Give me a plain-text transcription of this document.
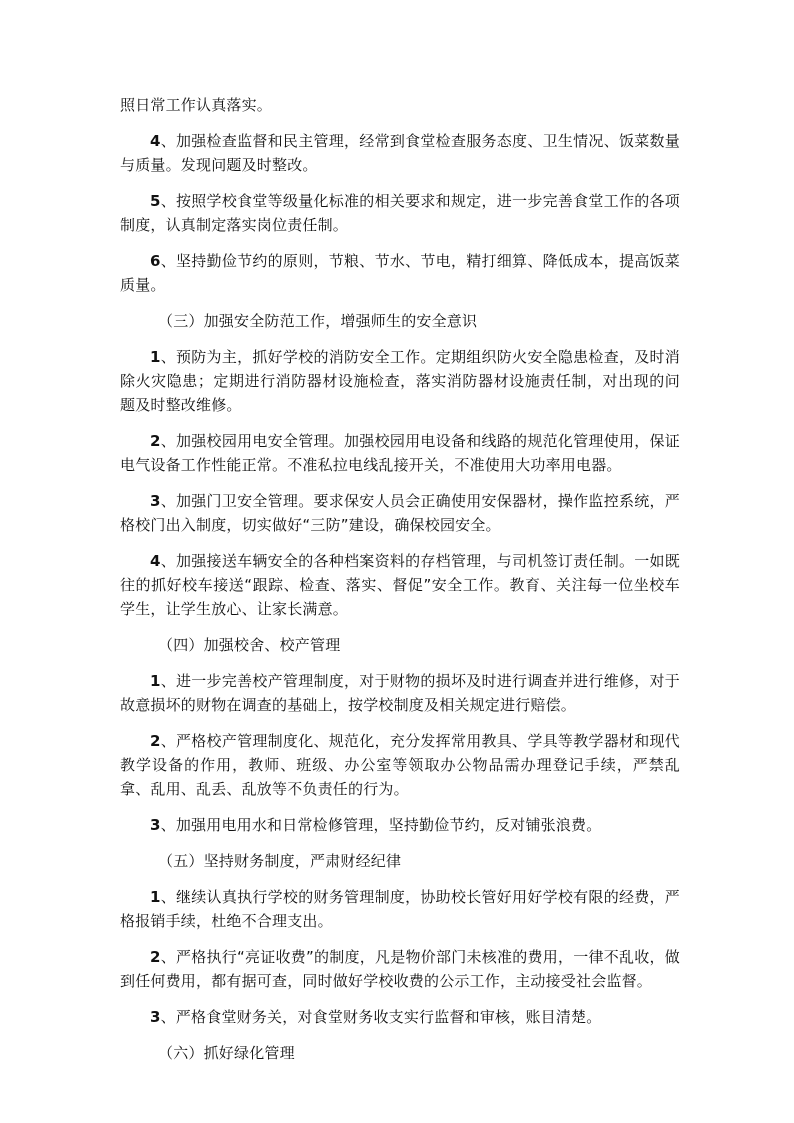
照日常工作认真落实。

4、加强检查监督和民主管理，经常到食堂检查服务态度、卫生情况、饭菜数量与质量。发现问题及时整改。

5、按照学校食堂等级量化标准的相关要求和规定，进一步完善食堂工作的各项制度，认真制定落实岗位责任制。

6、坚持勤俭节约的原则，节粮、节水、节电，精打细算、降低成本，提高饭菜质量。

（三）加强安全防范工作，增强师生的安全意识

1、预防为主，抓好学校的消防安全工作。定期组织防火安全隐患检查，及时消除火灾隐患；定期进行消防器材设施检查，落实消防器材设施责任制，对出现的问题及时整改维修。

2、加强校园用电安全管理。加强校园用电设备和线路的规范化管理使用，保证电气设备工作性能正常。不准私拉电线乱接开关，不准使用大功率用电器。

3、加强门卫安全管理。要求保安人员会正确使用安保器材，操作监控系统，严格校门出入制度，切实做好“三防”建设，确保校园安全。

4、加强接送车辆安全的各种档案资料的存档管理，与司机签订责任制。一如既往的抓好校车接送“跟踪、检查、落实、督促”安全工作。教育、关注每一位坐校车学生，让学生放心、让家长满意。

（四）加强校舍、校产管理

1、进一步完善校产管理制度，对于财物的损坏及时进行调查并进行维修，对于故意损坏的财物在调查的基础上，按学校制度及相关规定进行赔偿。

2、严格校产管理制度化、规范化，充分发挥常用教具、学具等教学器材和现代教学设备的作用，教师、班级、办公室等领取办公物品需办理登记手续，严禁乱拿、乱用、乱丢、乱放等不负责任的行为。

3、加强用电用水和日常检修管理，坚持勤俭节约，反对铺张浪费。

（五）坚持财务制度，严肃财经纪律

1、继续认真执行学校的财务管理制度，协助校长管好用好学校有限的经费，严格报销手续，杜绝不合理支出。

2、严格执行“亮证收费”的制度，凡是物价部门未核准的费用，一律不乱收，做到任何费用，都有据可查，同时做好学校收费的公示工作，主动接受社会监督。

3、严格食堂财务关，对食堂财务收支实行监督和审核，账目清楚。

（六）抓好绿化管理
